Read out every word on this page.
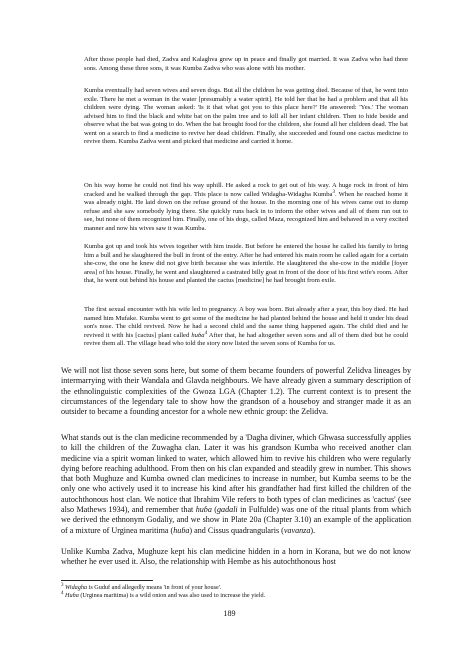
After those people had died, Zadva and Kalaghva grew up in peace and finally got married. It was Zadva who had three sons. Among these three sons, it was Kumba Zadva who was alone with his mother.

Kumba eventually had seven wives and seven dogs. But all the children he was getting died. Because of that, he went into exile. There he met a woman in the water [presumably a water spirit]. He told her that he had a problem and that all his children were dying. The woman asked: 'Is it that what got you to this place here?' He answered: 'Yes.' The woman advised him to find the black and white bat on the palm tree and to kill all her infant children. Then to hide beside and observe what the bat was going to do. When the bat brought food for the children, she found all her children dead. The bat went on a search to find a medicine to revive her dead children. Finally, she succeeded and found one cactus medicine to revive them. Kumba Zadva went and picked that medicine and carried it home.

On his way home he could not find his way uphill. He asked a rock to get out of his way. A huge rock in front of him cracked and he walked through the gap. This place is now called Widagha-Widagha Kumba$^3$. When he reached home it was already night. He laid down on the refuse ground of the house. In the morning one of his wives came out to dump refuse and she saw somebody lying there. She quickly runs back in to inform the other wives and all of them run out to see, but none of them recognized him. Finally, one of his dogs, called Maza, recognized him and behaved in a very excited manner and now his wives saw it was Kumba.

Kumba got up and took his wives together with him inside. But before he entered the house he called his family to bring him a bull and he slaughtered the bull in front of the entry. After he had entered his main room he called again for a certain she-cow, the one he knew did not give birth because she was infertile. He slaughtered the she-cow in the middle [foyer area] of his house. Finally, he went and slaughtered a castrated billy goat in front of the door of his first wife's room. After that, he went out behind his house and planted the cactus [medicine] he had brought from exile.

The first sexual encounter with his wife led to pregnancy. A boy was born. But already after a year, this boy died. He had named him Mufake. Kumba went to get some of the medicine he had planted behind the house and held it under his dead son's nose. The child revived. Now he had a second child and the same thing happened again. The child died and he revived it with his [cactus] plant called huɓa$^4$ After that, he had altogether seven sons and all of them died but he could revive them all. The village head who told the story now listed the seven sons of Kumba for us.

We will not list those seven sons here, but some of them became founders of powerful Zelidva lineages by intermarrying with their Wandala and Glavda neighbours. We have already given a summary description of the ethnolinguistic complexities of the Gwoza LGA (Chapter 1.2). The current context is to present the circumstances of the legendary tale to show how the grandson of a houseboy and stranger made it as an outsider to became a founding ancestor for a whole new ethnic group: the Zelidva.

What stands out is the clan medicine recommended by a 'Dagha diviner, which Ghwasa successfully applies to kill the children of the Zuwagha clan. Later it was his grandson Kumba who received another clan medicine via a spirit woman linked to water, which allowed him to revive his children who were regularly dying before reaching adulthood. From then on his clan expanded and steadily grew in number. This shows that both Mughuze and Kumba owned clan medicines to increase in number, but Kumba seems to be the only one who actively used it to increase his kind after his grandfather had first killed the children of the autochthonous host clan. We notice that Ibrahim Vile refers to both types of clan medicines as 'cactus' (see also Mathews 1934), and remember that huɓa (gadali in Fulfulde) was one of the ritual plants from which we derived the ethnonym Godaliy, and we show in Plate 20a (Chapter 3.10) an example of the application of a mixture of Urginea maritima (huɓa) and Cissus quadrangularis (vavanza).

Unlike Kumba Zadva, Mughuze kept his clan medicine hidden in a horn in Korana, but we do not know whether he ever used it. Also, the relationship with Hembe as his autochthonous host

$^3$ Widagha is Guduf and allegedly means 'in front of your house'.
$^4$ Huɓa (Urginea maritima) is a wild onion and was also used to increase the yield.
189
